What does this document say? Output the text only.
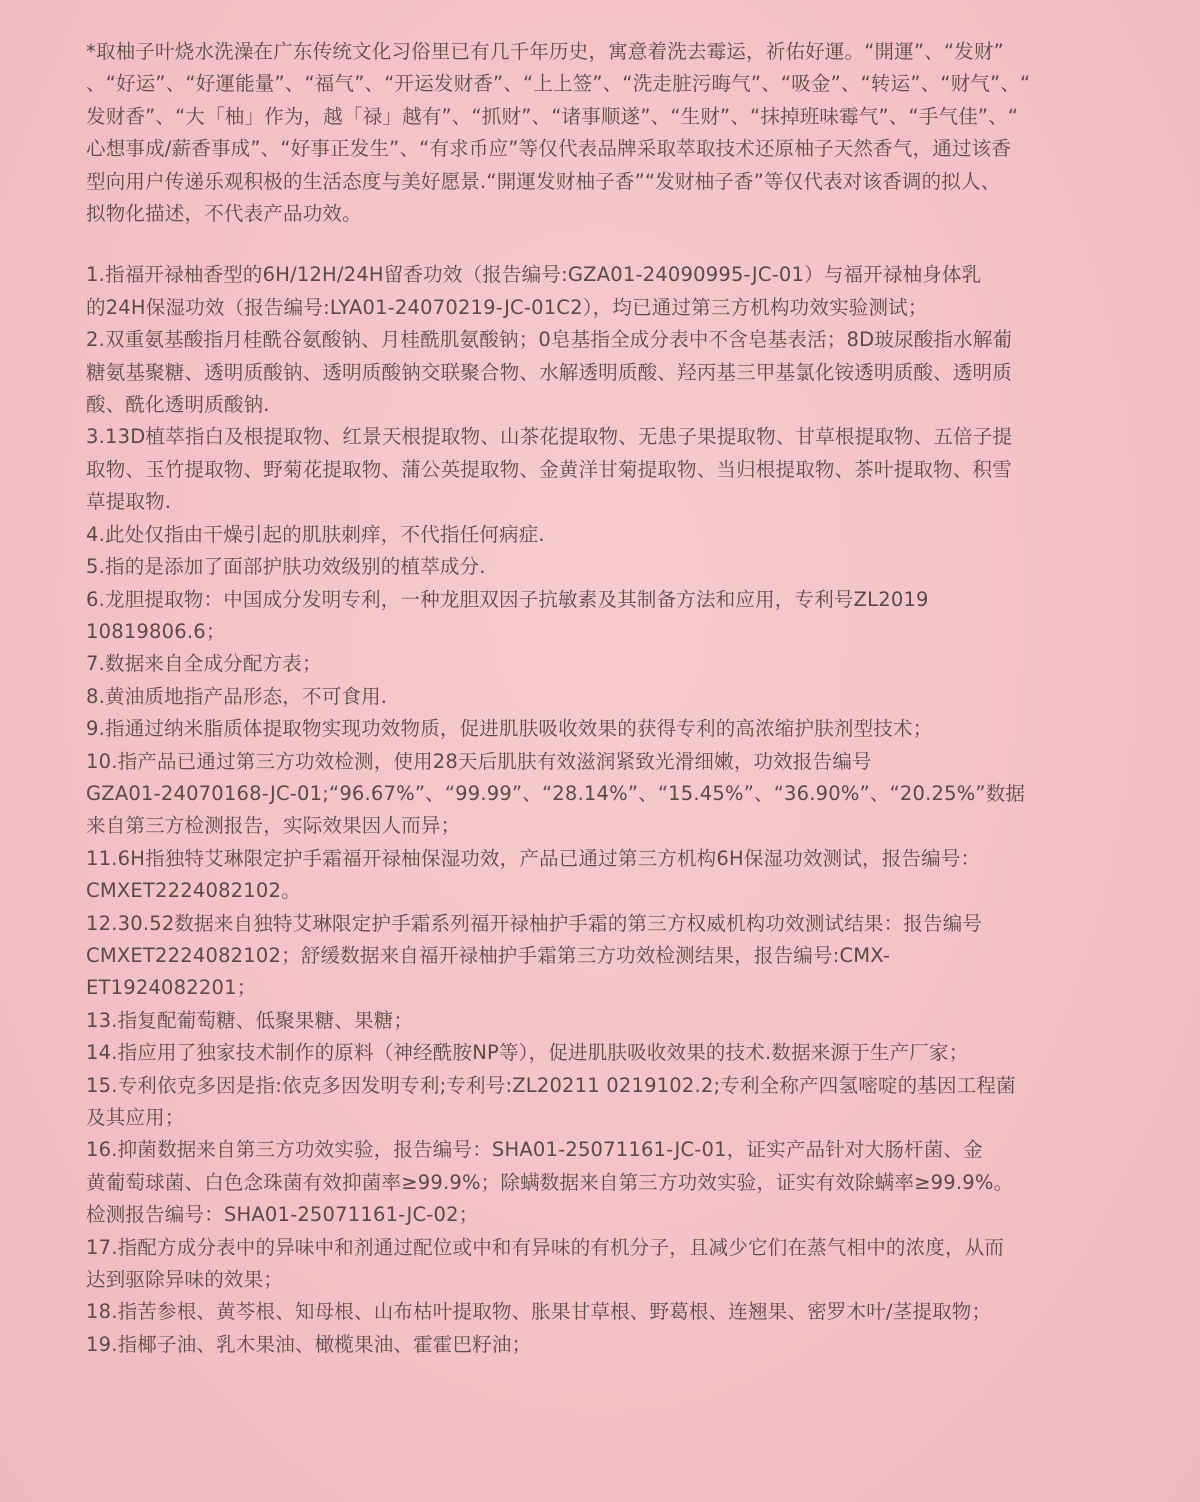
*取柚子叶烧水洗澡在广东传统文化习俗里已有几千年历史，寓意着洗去霉运，祈佑好運。“開運”、“发财”
、“好运”、“好運能量”、“福气”、“开运发财香”、“上上签”、“洗走脏污晦气”、“吸金”、“转运”、“财气”、“
发财香”、“大「柚」作为，越「禄」越有”、“抓财”、“诸事顺遂”、“生财”、“抹掉班味霉气”、“手气佳”、“
心想事成/薪香事成”、“好事正发生”、“有求币应”等仅代表品牌采取萃取技术还原柚子天然香气，通过该香
型向用户传递乐观积极的生活态度与美好愿景.“開運发财柚子香”“发财柚子香”等仅代表对该香调的拟人、
拟物化描述，不代表产品功效。

1.指福开禄柚香型的6H/12H/24H留香功效（报告编号:GZA01-24090995-JC-01）与福开禄柚身体乳
的24H保湿功效（报告编号:LYA01-24070219-JC-01C2），均已通过第三方机构功效实验测试；
2.双重氨基酸指月桂酰谷氨酸钠、月桂酰肌氨酸钠；0皂基指全成分表中不含皂基表活；8D玻尿酸指水解葡
糖氨基聚糖、透明质酸钠、透明质酸钠交联聚合物、水解透明质酸、羟丙基三甲基氯化铵透明质酸、透明质
酸、酰化透明质酸钠.
3.13D植萃指白及根提取物、红景天根提取物、山茶花提取物、无患子果提取物、甘草根提取物、五倍子提
取物、玉竹提取物、野菊花提取物、蒲公英提取物、金黄洋甘菊提取物、当归根提取物、茶叶提取物、积雪
草提取物.
4.此处仅指由干燥引起的肌肤刺痒，不代指任何病症.
5.指的是添加了面部护肤功效级别的植萃成分.
6.龙胆提取物：中国成分发明专利，一种龙胆双因子抗敏素及其制备方法和应用，专利号ZL2019
10819806.6；
7.数据来自全成分配方表；
8.黄油质地指产品形态，不可食用.
9.指通过纳米脂质体提取物实现功效物质，促进肌肤吸收效果的获得专利的高浓缩护肤剂型技术；
10.指产品已通过第三方功效检测，使用28天后肌肤有效滋润紧致光滑细嫩，功效报告编号
GZA01-24070168-JC-01;“96.67%”、“99.99”、“28.14%”、“15.45%”、“36.90%”、“20.25%”数据
来自第三方检测报告，实际效果因人而异；
11.6H指独特艾琳限定护手霜福开禄柚保湿功效，产品已通过第三方机构6H保湿功效测试，报告编号：
CMXET2224082102。
12.30.52数据来自独特艾琳限定护手霜系列福开禄柚护手霜的第三方权威机构功效测试结果：报告编号
CMXET2224082102；舒缓数据来自福开禄柚护手霜第三方功效检测结果，报告编号:CMX-
ET1924082201；
13.指复配葡萄糖、低聚果糖、果糖；
14.指应用了独家技术制作的原料（神经酰胺NP等），促进肌肤吸收效果的技术.数据来源于生产厂家；
15.专利依克多因是指:依克多因发明专利;专利号:ZL20211 0219102.2;专利全称产四氢嘧啶的基因工程菌
及其应用；
16.抑菌数据来自第三方功效实验，报告编号：SHA01-25071161-JC-01，证实产品针对大肠杆菌、金
黄葡萄球菌、白色念珠菌有效抑菌率≥99.9%；除螨数据来自第三方功效实验，证实有效除螨率≥99.9%。
检测报告编号：SHA01-25071161-JC-02；
17.指配方成分表中的异味中和剂通过配位或中和有异味的有机分子，且减少它们在蒸气相中的浓度，从而
达到驱除异味的效果；
18.指苦参根、黄芩根、知母根、山布枯叶提取物、胀果甘草根、野葛根、连翘果、密罗木叶/茎提取物；
19.指椰子油、乳木果油、橄榄果油、霍霍巴籽油；
